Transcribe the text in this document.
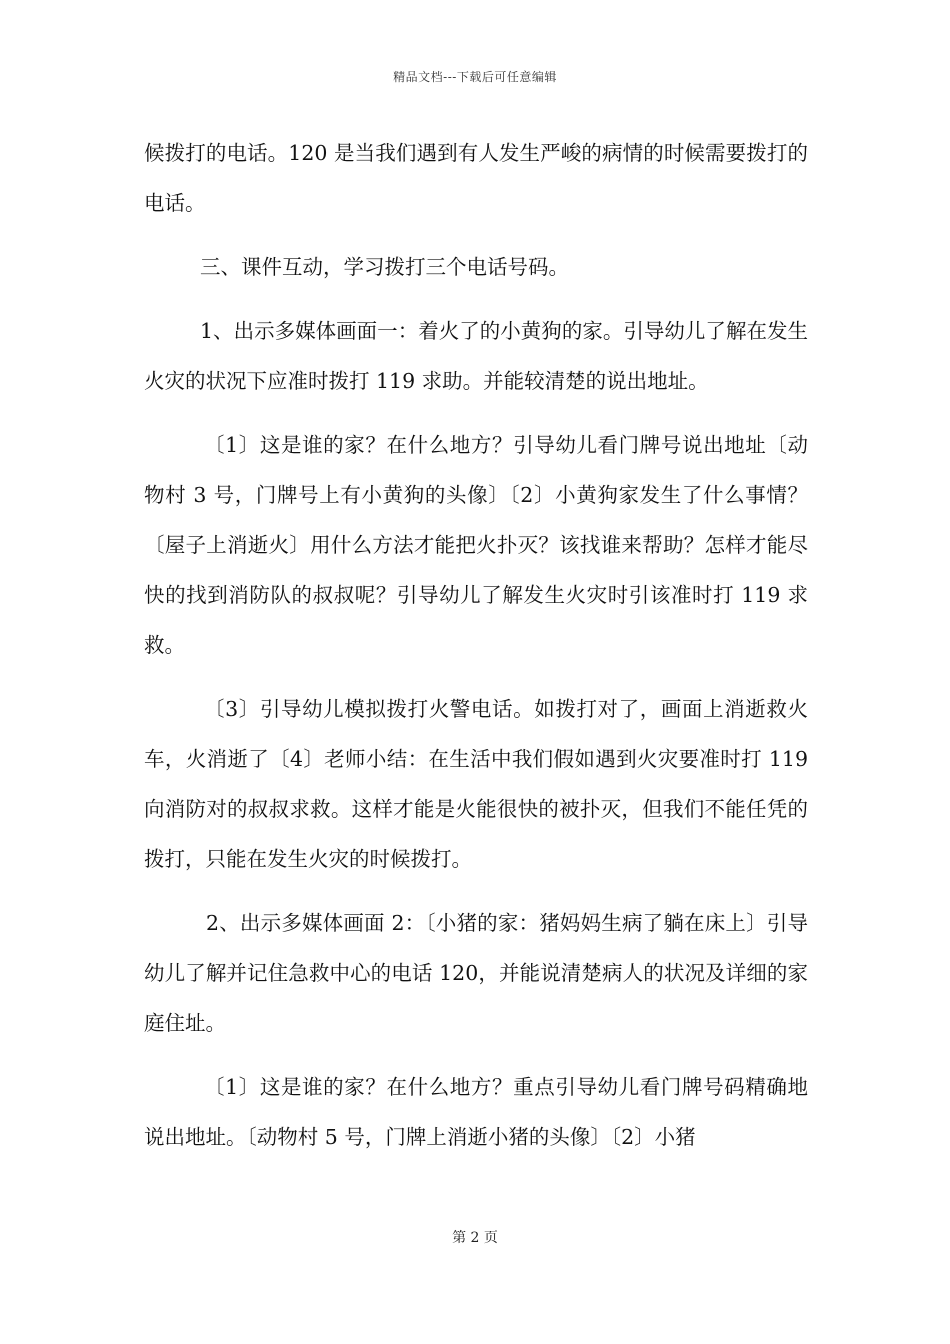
精品文档---下载后可任意编辑

候拨打的电话。120 是当我们遇到有人发生严峻的病情的时候需要拨打的电话。

三、课件互动，学习拨打三个电话号码。

1、出示多媒体画面一：着火了的小黄狗的家。引导幼儿了解在发生火灾的状况下应准时拨打 119 求助。并能较清楚的说出地址。

〔1〕这是谁的家？在什么地方？引导幼儿看门牌号说出地址〔动物村 3 号，门牌号上有小黄狗的头像〕〔2〕小黄狗家发生了什么事情？〔屋子上消逝火〕用什么方法才能把火扑灭？该找谁来帮助？怎样才能尽快的找到消防队的叔叔呢？引导幼儿了解发生火灾时引该准时打 119 求救。

〔3〕引导幼儿模拟拨打火警电话。如拨打对了，画面上消逝救火车，火消逝了〔4〕老师小结：在生活中我们假如遇到火灾要准时打 119 向消防对的叔叔求救。这样才能是火能很快的被扑灭，但我们不能任凭的拨打，只能在发生火灾的时候拨打。

2、出示多媒体画面 2：〔小猪的家：猪妈妈生病了躺在床上〕引导幼儿了解并记住急救中心的电话 120，并能说清楚病人的状况及详细的家庭住址。

〔1〕这是谁的家？在什么地方？重点引导幼儿看门牌号码精确地说出地址。〔动物村 5 号，门牌上消逝小猪的头像〕〔2〕小猪

第 2 页
